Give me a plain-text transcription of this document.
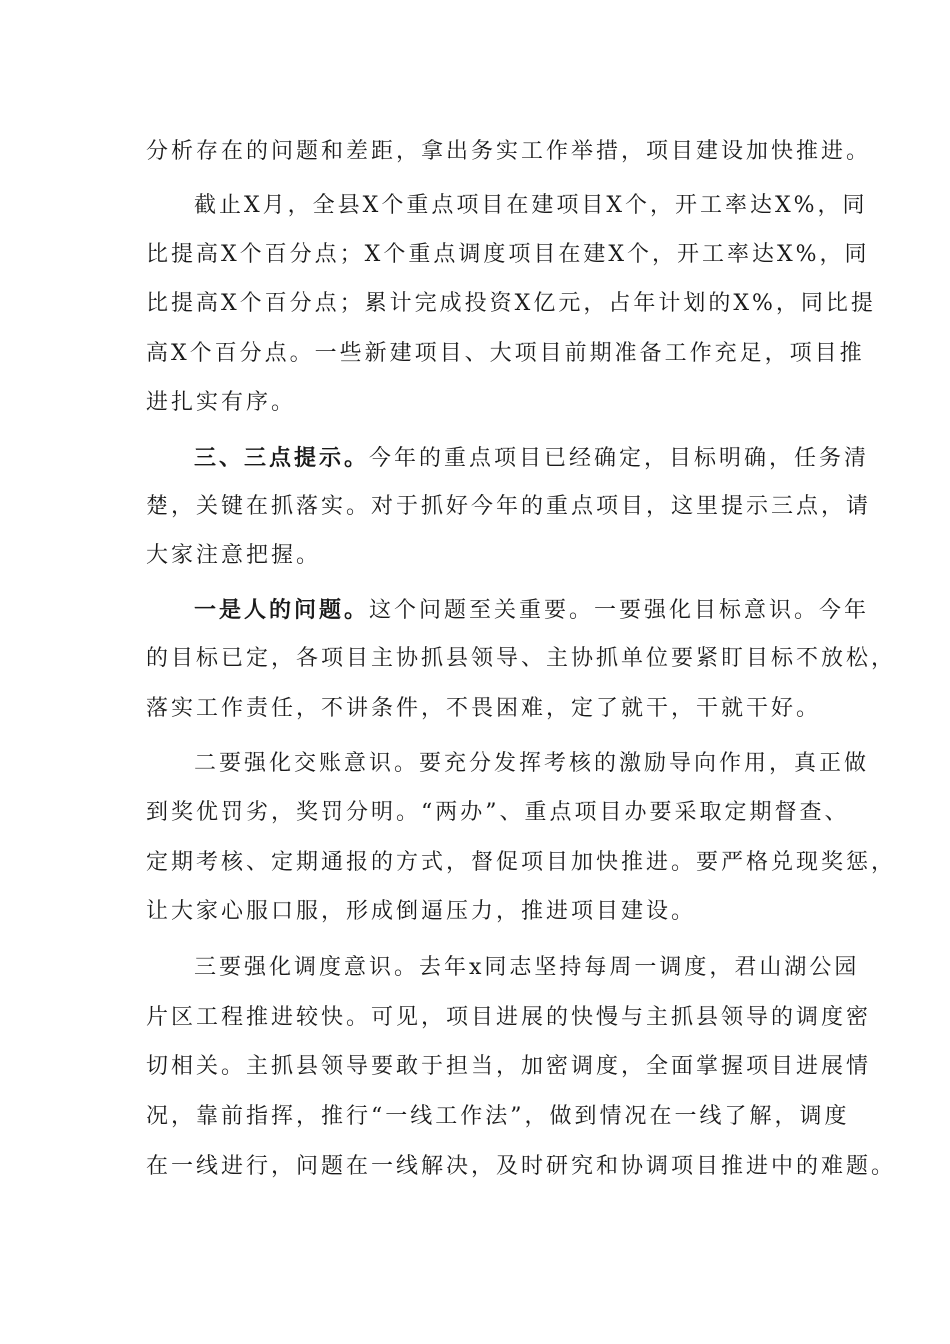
分析存在的问题和差距，拿出务实工作举措，项目建设加快推进。
截止X月，全县X个重点项目在建项目X个，开工率达X%，同
比提高X个百分点；X个重点调度项目在建X个，开工率达X%，同
比提高X个百分点；累计完成投资X亿元，占年计划的X%，同比提
高X个百分点。一些新建项目、大项目前期准备工作充足，项目推
进扎实有序。
三、三点提示。今年的重点项目已经确定，目标明确，任务清
楚，关键在抓落实。对于抓好今年的重点项目，这里提示三点，请
大家注意把握。
一是人的问题。这个问题至关重要。一要强化目标意识。今年
的目标已定，各项目主协抓县领导、主协抓单位要紧盯目标不放松，
落实工作责任，不讲条件，不畏困难，定了就干，干就干好。
二要强化交账意识。要充分发挥考核的激励导向作用，真正做
到奖优罚劣，奖罚分明。“两办”、重点项目办要采取定期督查、
定期考核、定期通报的方式，督促项目加快推进。要严格兑现奖惩，
让大家心服口服，形成倒逼压力，推进项目建设。
三要强化调度意识。去年x同志坚持每周一调度，君山湖公园
片区工程推进较快。可见，项目进展的快慢与主抓县领导的调度密
切相关。主抓县领导要敢于担当，加密调度，全面掌握项目进展情
况，靠前指挥，推行“一线工作法”，做到情况在一线了解，调度
在一线进行，问题在一线解决，及时研究和协调项目推进中的难题。
